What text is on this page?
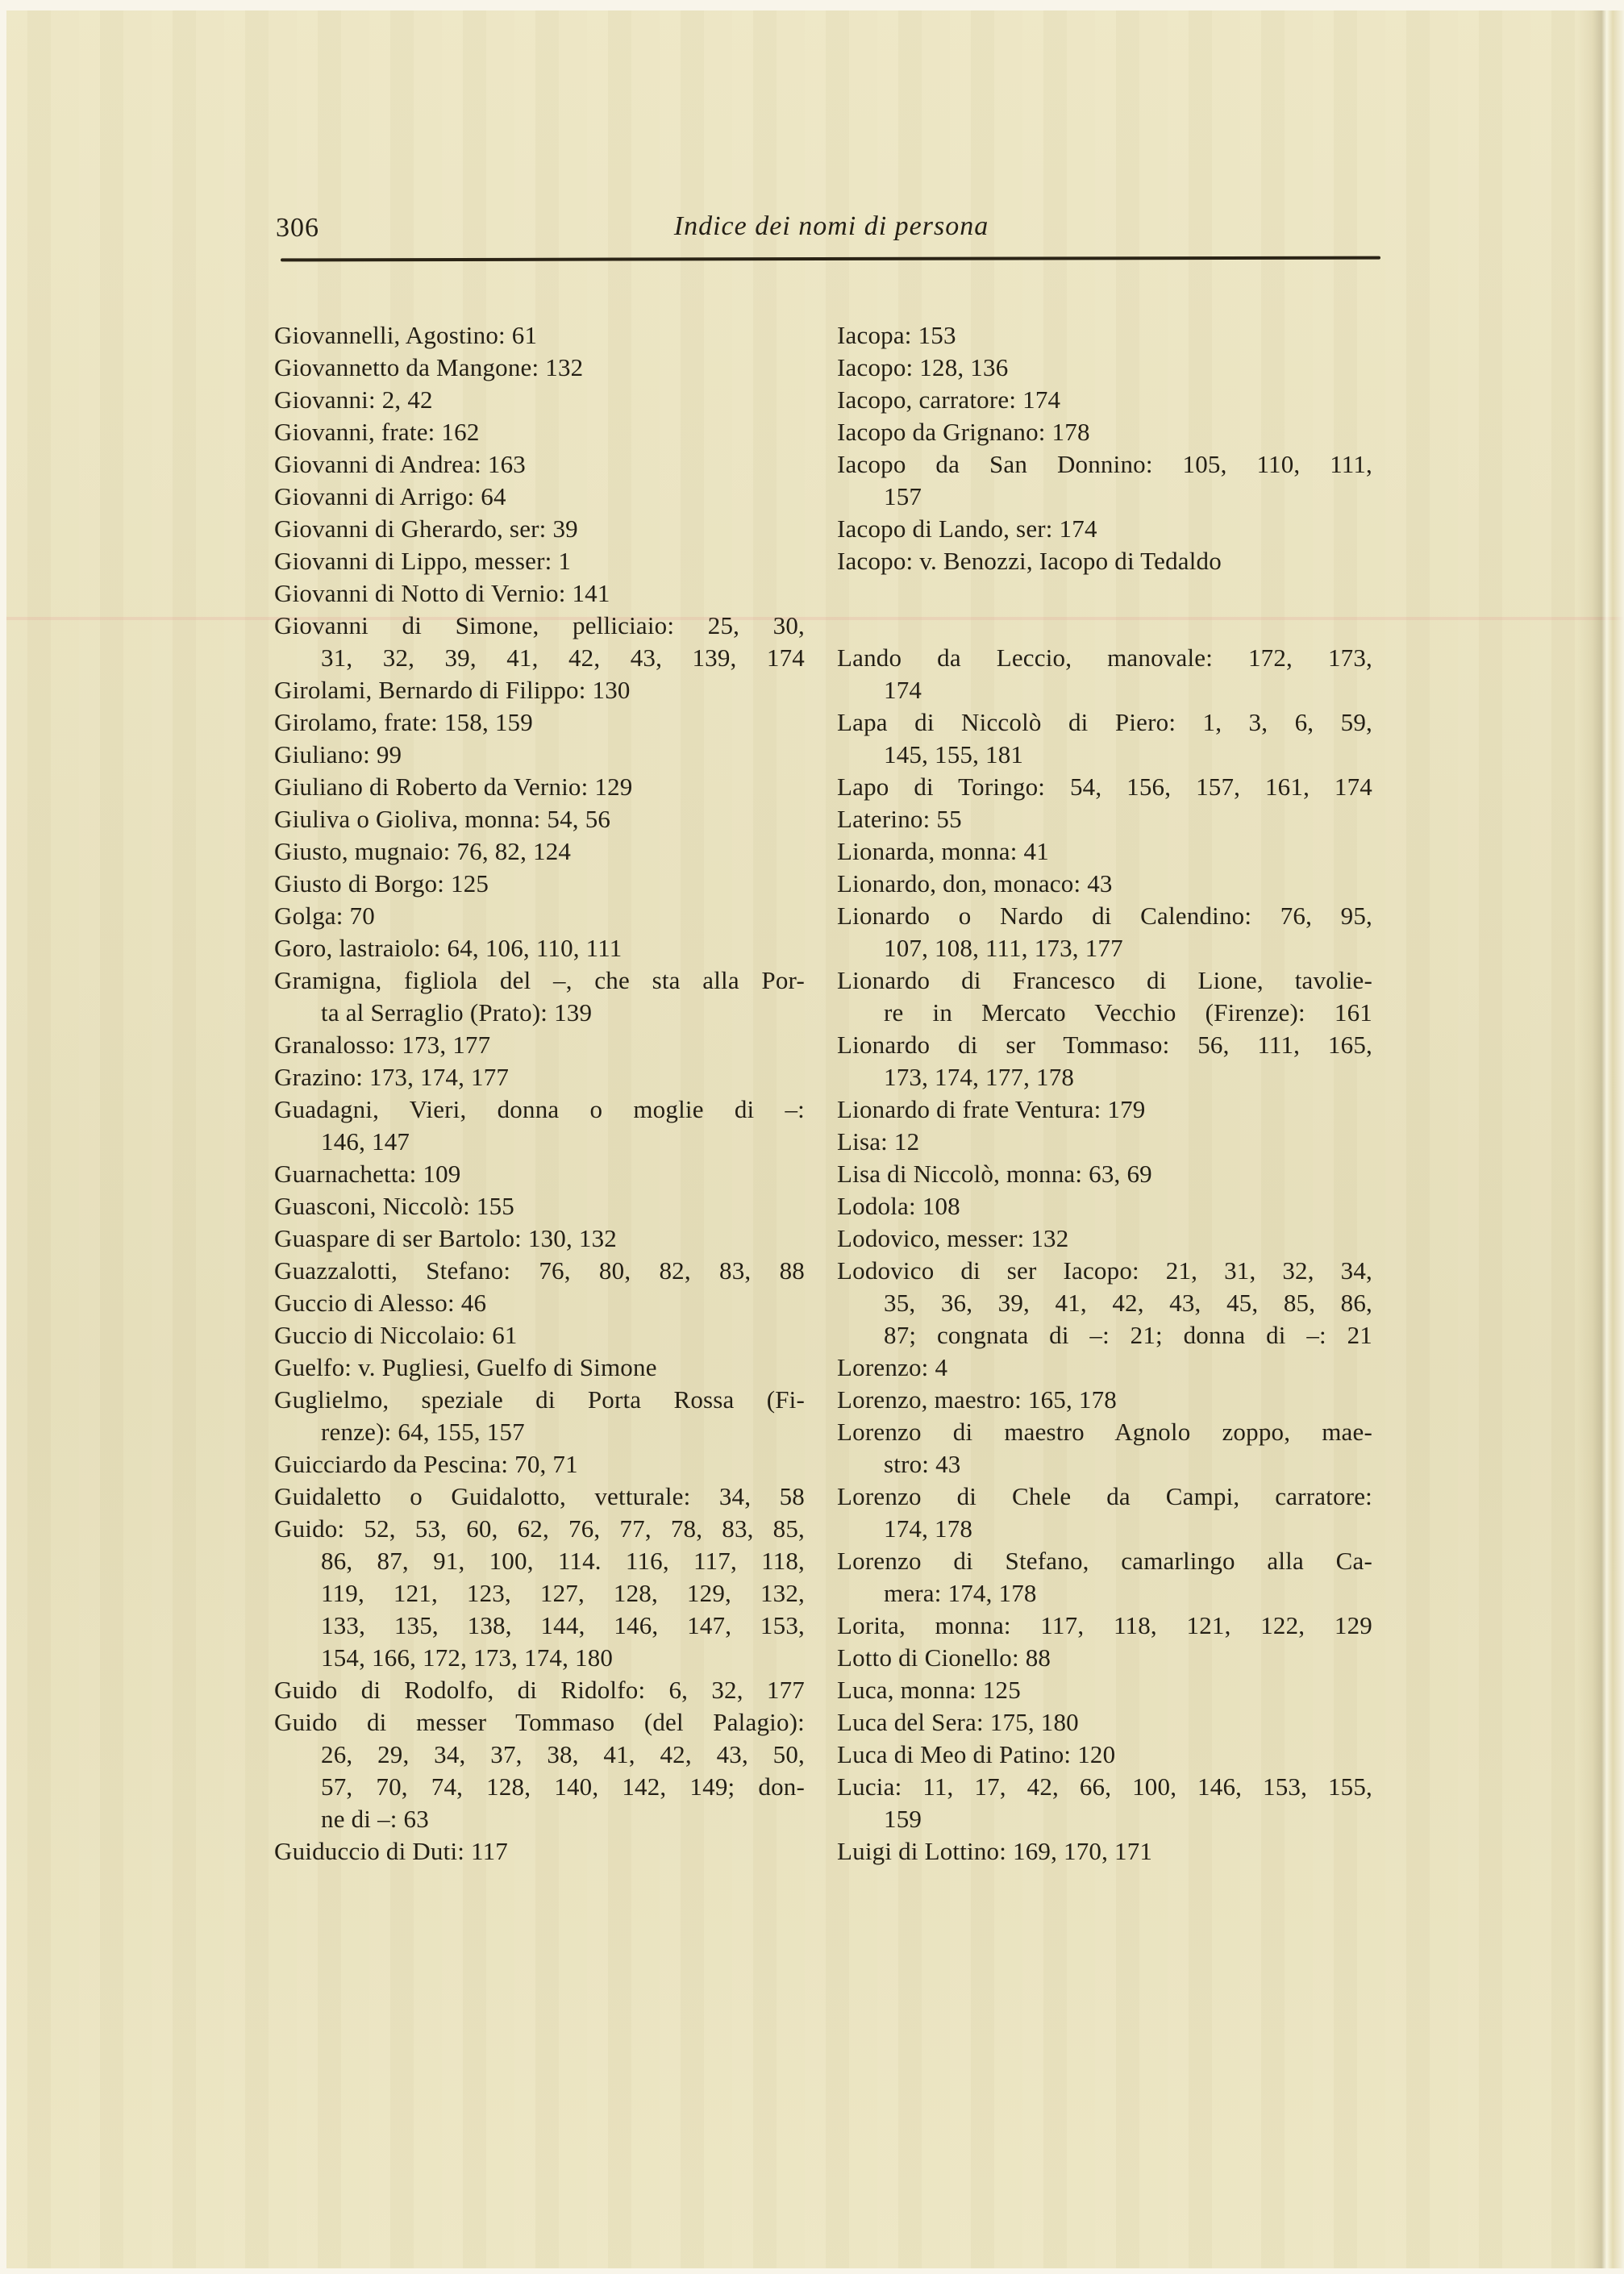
306	Indice dei nomi di persona
Giovannelli, Agostino: 61
Giovannetto da Mangone: 132
Giovanni: 2, 42
Giovanni, frate: 162
Giovanni di Andrea: 163
Giovanni di Arrigo: 64
Giovanni di Gherardo, ser: 39
Giovanni di Lippo, messer: 1
Giovanni di Notto di Vernio: 141
Giovanni di Simone, pelliciaio: 25, 30,
31, 32, 39, 41, 42, 43, 139, 174
Girolami, Bernardo di Filippo: 130
Girolamo, frate: 158, 159
Giuliano: 99
Giuliano di Roberto da Vernio: 129
Giuliva o Gioliva, monna: 54, 56
Giusto, mugnaio: 76, 82, 124
Giusto di Borgo: 125
Golga: 70
Goro, lastraiolo: 64, 106, 110, 111
Gramigna, figliola del –, che sta alla Por-
ta al Serraglio (Prato): 139
Granalosso: 173, 177
Grazino: 173, 174, 177
Guadagni, Vieri, donna o moglie di –:
146, 147
Guarnachetta: 109
Guasconi, Niccolò: 155
Guaspare di ser Bartolo: 130, 132
Guazzalotti, Stefano: 76, 80, 82, 83, 88
Guccio di Alesso: 46
Guccio di Niccolaio: 61
Guelfo: v. Pugliesi, Guelfo di Simone
Guglielmo, speziale di Porta Rossa (Fi-
renze): 64, 155, 157
Guicciardo da Pescina: 70, 71
Guidaletto o Guidalotto, vetturale: 34, 58
Guido: 52, 53, 60, 62, 76, 77, 78, 83, 85,
86, 87, 91, 100, 114. 116, 117, 118,
119, 121, 123, 127, 128, 129, 132,
133, 135, 138, 144, 146, 147, 153,
154, 166, 172, 173, 174, 180
Guido di Rodolfo, di Ridolfo: 6, 32, 177
Guido di messer Tommaso (del Palagio):
26, 29, 34, 37, 38, 41, 42, 43, 50,
57, 70, 74, 128, 140, 142, 149; don-
ne di –: 63
Guiduccio di Duti: 117
Iacopa: 153
Iacopo: 128, 136
Iacopo, carratore: 174
Iacopo da Grignano: 178
Iacopo da San Donnino: 105, 110, 111,
157
Iacopo di Lando, ser: 174
Iacopo: v. Benozzi, Iacopo di Tedaldo
Lando da Leccio, manovale: 172, 173,
174
Lapa di Niccolò di Piero: 1, 3, 6, 59,
145, 155, 181
Lapo di Toringo: 54, 156, 157, 161, 174
Laterino: 55
Lionarda, monna: 41
Lionardo, don, monaco: 43
Lionardo o Nardo di Calendino: 76, 95,
107, 108, 111, 173, 177
Lionardo di Francesco di Lione, tavolie-
re in Mercato Vecchio (Firenze): 161
Lionardo di ser Tommaso: 56, 111, 165,
173, 174, 177, 178
Lionardo di frate Ventura: 179
Lisa: 12
Lisa di Niccolò, monna: 63, 69
Lodola: 108
Lodovico, messer: 132
Lodovico di ser Iacopo: 21, 31, 32, 34,
35, 36, 39, 41, 42, 43, 45, 85, 86,
87; congnata di –: 21; donna di –: 21
Lorenzo: 4
Lorenzo, maestro: 165, 178
Lorenzo di maestro Agnolo zoppo, mae-
stro: 43
Lorenzo di Chele da Campi, carratore:
174, 178
Lorenzo di Stefano, camarlingo alla Ca-
mera: 174, 178
Lorita, monna: 117, 118, 121, 122, 129
Lotto di Cionello: 88
Luca, monna: 125
Luca del Sera: 175, 180
Luca di Meo di Patino: 120
Lucia: 11, 17, 42, 66, 100, 146, 153, 155,
159
Luigi di Lottino: 169, 170, 171
